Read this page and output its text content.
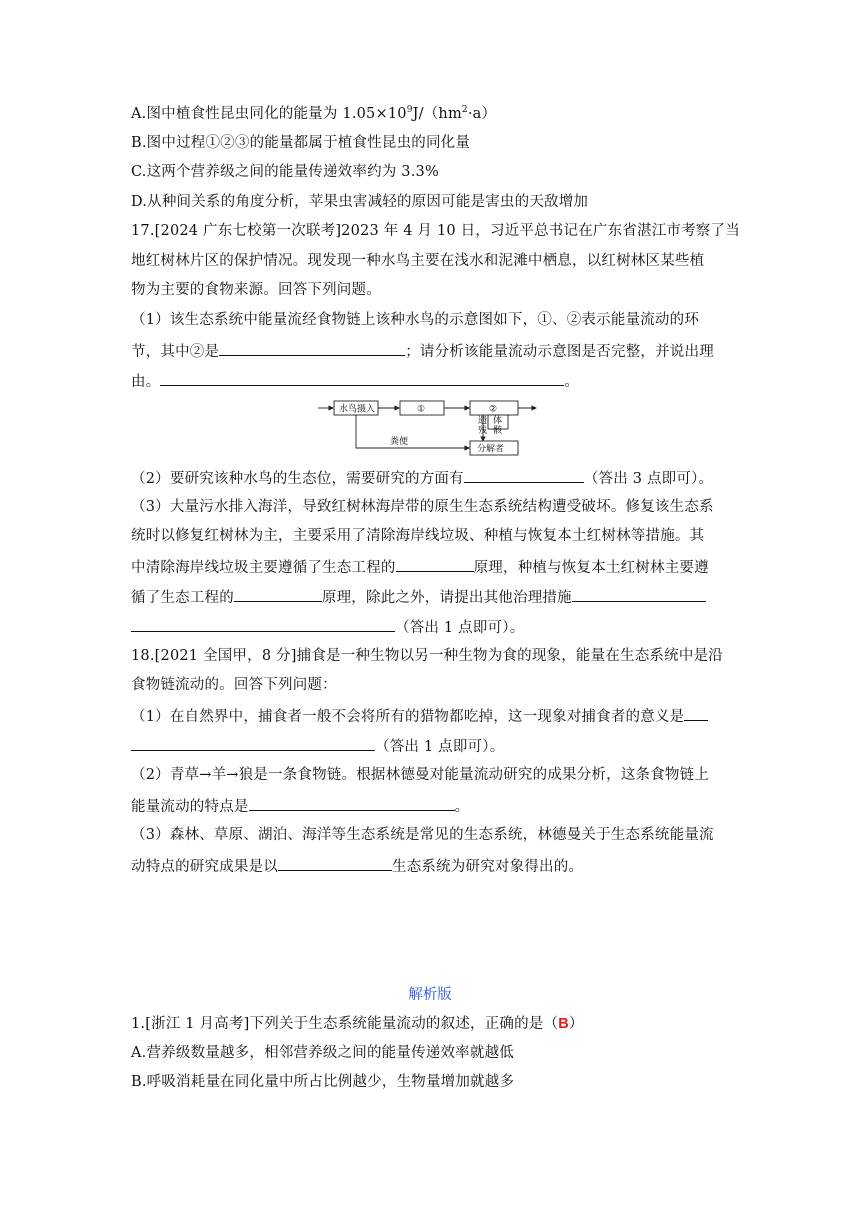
A.图中植食性昆虫同化的能量为 $1.05\times 10^9J/(hm^2\cdot a)$
B.图中过程①②③的能量都属于植食性昆虫的同化量
C.这两个营养级之间的能量传递效率约为 3.3%
D.从种间关系的角度分析，苹果虫害减轻的原因可能是害虫的天敌增加
17.[2024 广东七校第一次联考]2023 年 4 月 10 日，习近平总书记在广东省湛江市考察了当
地红树林片区的保护情况。现发现一种水鸟主要在浅水和泥滩中栖息，以红树林区某些植
物为主要的食物来源。回答下列问题。
（1）该生态系统中能量流经食物链上该种水鸟的示意图如下，①、②表示能量流动的环
节，其中②是	；请分析该能量流动示意图是否完整，并说出理
由。	。
水鸟摄入	①	②
遗 体
残 骸
粪便
分解者
（2）要研究该种水鸟的生态位，需要研究的方面有	（答出 3 点即可）。
（3）大量污水排入海洋，导致红树林海岸带的原生生态系统结构遭受破坏。修复该生态系
统时以修复红树林为主，主要采用了清除海岸线垃圾、种植与恢复本土红树林等措施。其
中清除海岸线垃圾主要遵循了生态工程的	原理，种植与恢复本土红树林主要遵
循了生态工程的	原理，除此之外，请提出其他治理措施
（答出 1 点即可）。
18.[2021 全国甲，8 分]捕食是一种生物以另一种生物为食的现象，能量在生态系统中是沿
食物链流动的。回答下列问题：
（1）在自然界中，捕食者一般不会将所有的猎物都吃掉，这一现象对捕食者的意义是
（答出 1 点即可）。
（2）青草→羊→狼是一条食物链。根据林德曼对能量流动研究的成果分析，这条食物链上
能量流动的特点是	。
（3）森林、草原、湖泊、海洋等生态系统是常见的生态系统，林德曼关于生态系统能量流
动特点的研究成果是以	生态系统为研究对象得出的。
解析版
1.[浙江 1 月高考]下列关于生态系统能量流动的叙述，正确的是（B）
A.营养级数量越多，相邻营养级之间的能量传递效率就越低
B.呼吸消耗量在同化量中所占比例越少，生物量增加就越多
